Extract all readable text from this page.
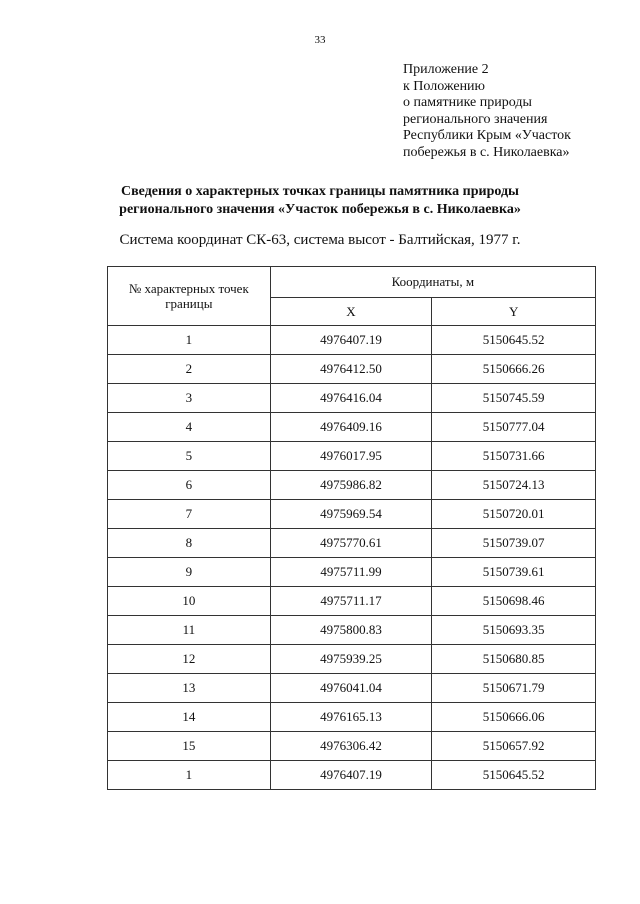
33
Приложение 2
к Положению
о памятнике природы
регионального значения
Республики Крым «Участок
побережья в с. Николаевка»
Сведения о характерных точках границы памятника природы
регионального значения «Участок побережья в с. Николаевка»
Система координат СК-63, система высот - Балтийская, 1977 г.
№ характерных точек границы	Координаты, м	
	X	Y
1	4976407.19	5150645.52
2	4976412.50	5150666.26
3	4976416.04	5150745.59
4	4976409.16	5150777.04
5	4976017.95	5150731.66
6	4975986.82	5150724.13
7	4975969.54	5150720.01
8	4975770.61	5150739.07
9	4975711.99	5150739.61
10	4975711.17	5150698.46
11	4975800.83	5150693.35
12	4975939.25	5150680.85
13	4976041.04	5150671.79
14	4976165.13	5150666.06
15	4976306.42	5150657.92
1	4976407.19	5150645.52
